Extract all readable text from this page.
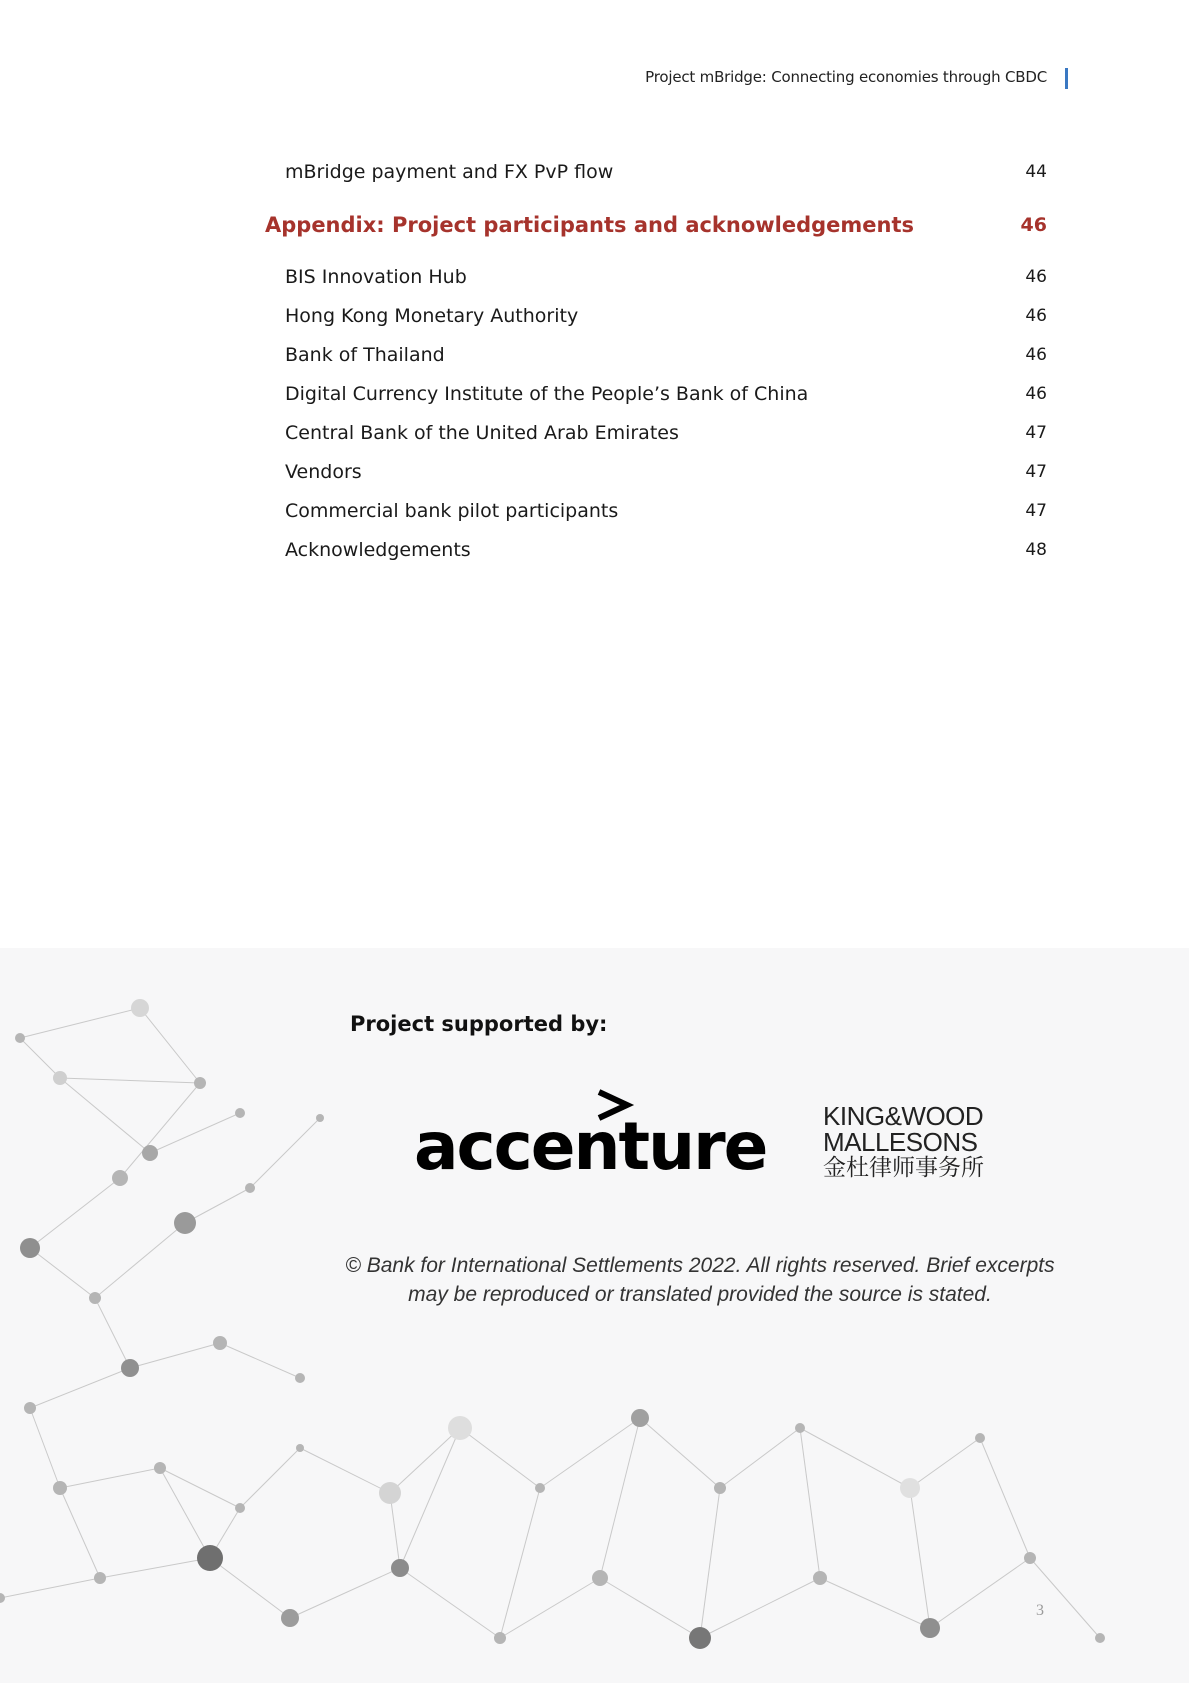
Project mBridge: Connecting economies through CBDC
mBridge payment and FX PvP flow	44
Appendix: Project participants and acknowledgements	46
BIS Innovation Hub	46
Hong Kong Monetary Authority	46
Bank of Thailand	46
Digital Currency Institute of the People’s Bank of China	46
Central Bank of the United Arab Emirates	47
Vendors	47
Commercial bank pilot participants	47
Acknowledgements	48
Project supported by:
accenture KING&WOOD
MALLESONS
金杜律师事务所
© Bank for International Settlements 2022. All rights reserved. Brief excerpts
may be reproduced or translated provided the source is stated.
3
